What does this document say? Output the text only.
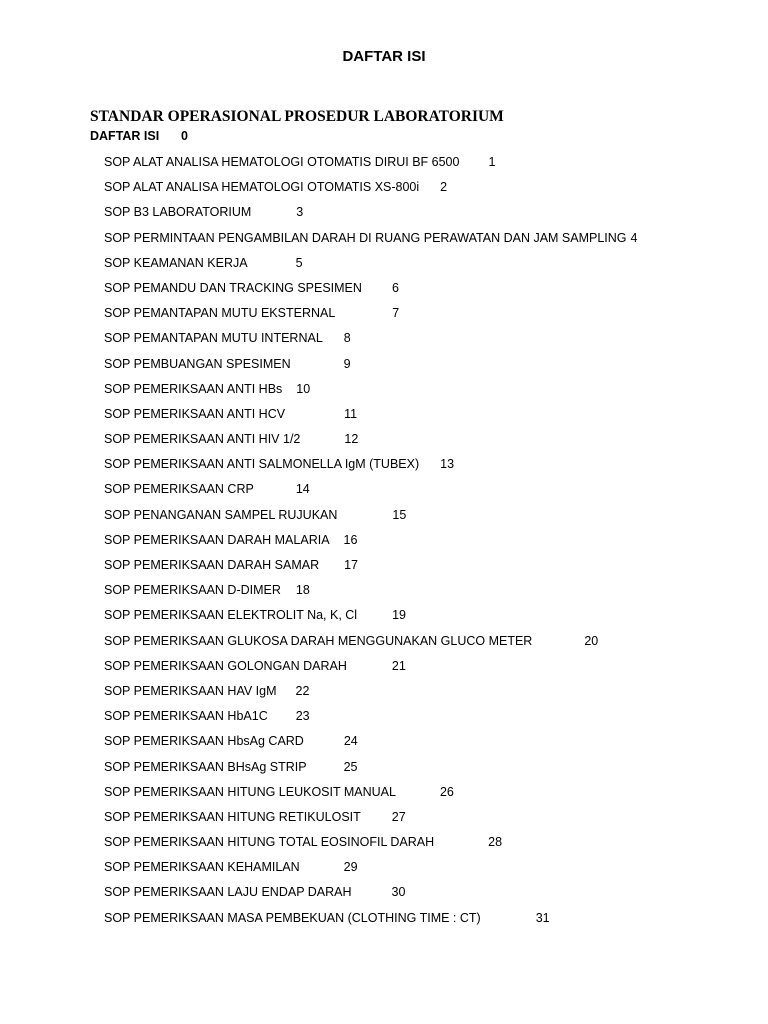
DAFTAR ISI
STANDAR OPERASIONAL PROSEDUR LABORATORIUM
DAFTAR ISI 0
SOP ALAT ANALISA HEMATOLOGI OTOMATIS DIRUI BF 6500 1
SOP ALAT ANALISA HEMATOLOGI OTOMATIS XS-800i 2
SOP B3 LABORATORIUM	3
SOP PERMINTAAN PENGAMBILAN DARAH DI RUANG PERAWATAN DAN JAM SAMPLING 4
SOP KEAMANAN KERJA	5
SOP PEMANDU DAN TRACKING SPESIMEN 6
SOP PEMANTAPAN MUTU EKSTERNAL	7
SOP PEMANTAPAN MUTU INTERNAL 8
SOP PEMBUANGAN SPESIMEN	9
SOP PEMERIKSAAN ANTI HBs 10
SOP PEMERIKSAAN ANTI HCV	11
SOP PEMERIKSAAN ANTI HIV 1/2	12
SOP PEMERIKSAAN ANTI SALMONELLA IgM (TUBEX) 13
SOP PEMERIKSAAN CRP	14
SOP PENANGANAN SAMPEL RUJUKAN	15
SOP PEMERIKSAAN DARAH MALARIA 16
SOP PEMERIKSAAN DARAH SAMAR 17
SOP PEMERIKSAAN D-DIMER 18
SOP PEMERIKSAAN ELEKTROLIT Na, K, Cl	19
SOP PEMERIKSAAN GLUKOSA DARAH MENGGUNAKAN GLUCO METER	20
SOP PEMERIKSAAN GOLONGAN DARAH	21
SOP PEMERIKSAAN HAV IgM 22
SOP PEMERIKSAAN HbA1C 23
SOP PEMERIKSAAN HbsAg CARD	24
SOP PEMERIKSAAN BHsAg STRIP	25
SOP PEMERIKSAAN HITUNG LEUKOSIT MANUAL	26
SOP PEMERIKSAAN HITUNG RETIKULOSIT 27
SOP PEMERIKSAAN HITUNG TOTAL EOSINOFIL DARAH	28
SOP PEMERIKSAAN KEHAMILAN	29
SOP PEMERIKSAAN LAJU ENDAP DARAH	30
SOP PEMERIKSAAN MASA PEMBEKUAN (CLOTHING TIME : CT)	31
